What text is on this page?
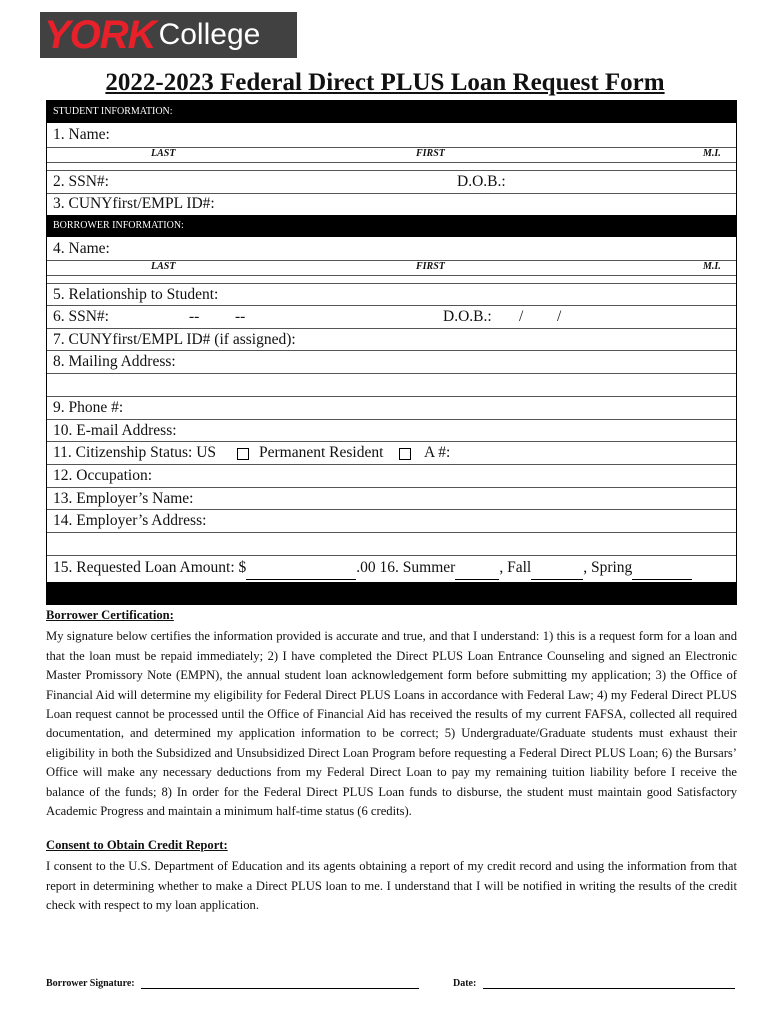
YORK College
2022-2023 Federal Direct PLUS Loan Request Form
STUDENT INFORMATION:
1. Name:
LAST	FIRST	M.I.
2. SSN#:	D.O.B.:
3. CUNYfirst/EMPL ID#:
BORROWER INFORMATION:
4. Name:
LAST	FIRST	M.I.
5. Relationship to Student:
6. SSN#:	-- --	D.O.B.: / /
7. CUNYfirst/EMPL ID# (if assigned):
8. Mailing Address:
9. Phone #:
10. E-mail Address:
11. Citizenship Status: US	Permanent Resident	A #:
12. Occupation:
13. Employer’s Name:
14. Employer’s Address:
15. Requested Loan Amount: $	.00 16. Summer	, Fall	, Spring
Borrower Certification:
My signature below certifies the information provided is accurate and true, and that I understand: 1) this is a request form for a loan and that the loan must be repaid immediately; 2) I have completed the Direct PLUS Loan Entrance Counseling and signed an Electronic Master Promissory Note (EMPN), the annual student loan acknowledgement form before submitting my application; 3) the Office of Financial Aid will determine my eligibility for Federal Direct PLUS Loans in accordance with Federal Law; 4) my Federal Direct PLUS Loan request cannot be processed until the Office of Financial Aid has received the results of my current FAFSA, collected all required documentation, and determined my application information to be correct; 5) Undergraduate/Graduate students must exhaust their eligibility in both the Subsidized and Unsubsidized Direct Loan Program before requesting a Federal Direct PLUS Loan; 6) the Bursars’ Office will make any necessary deductions from my Federal Direct Loan to pay my remaining tuition liability before I receive the balance of the funds; 8) In order for the Federal Direct PLUS Loan funds to disburse, the student must maintain good Satisfactory Academic Progress and maintain a minimum half-time status (6 credits).
Consent to Obtain Credit Report:
I consent to the U.S. Department of Education and its agents obtaining a report of my credit record and using the information from that report in determining whether to make a Direct PLUS loan to me. I understand that I will be notified in writing the results of the credit check with respect to my loan application.
Borrower Signature:	Date:
